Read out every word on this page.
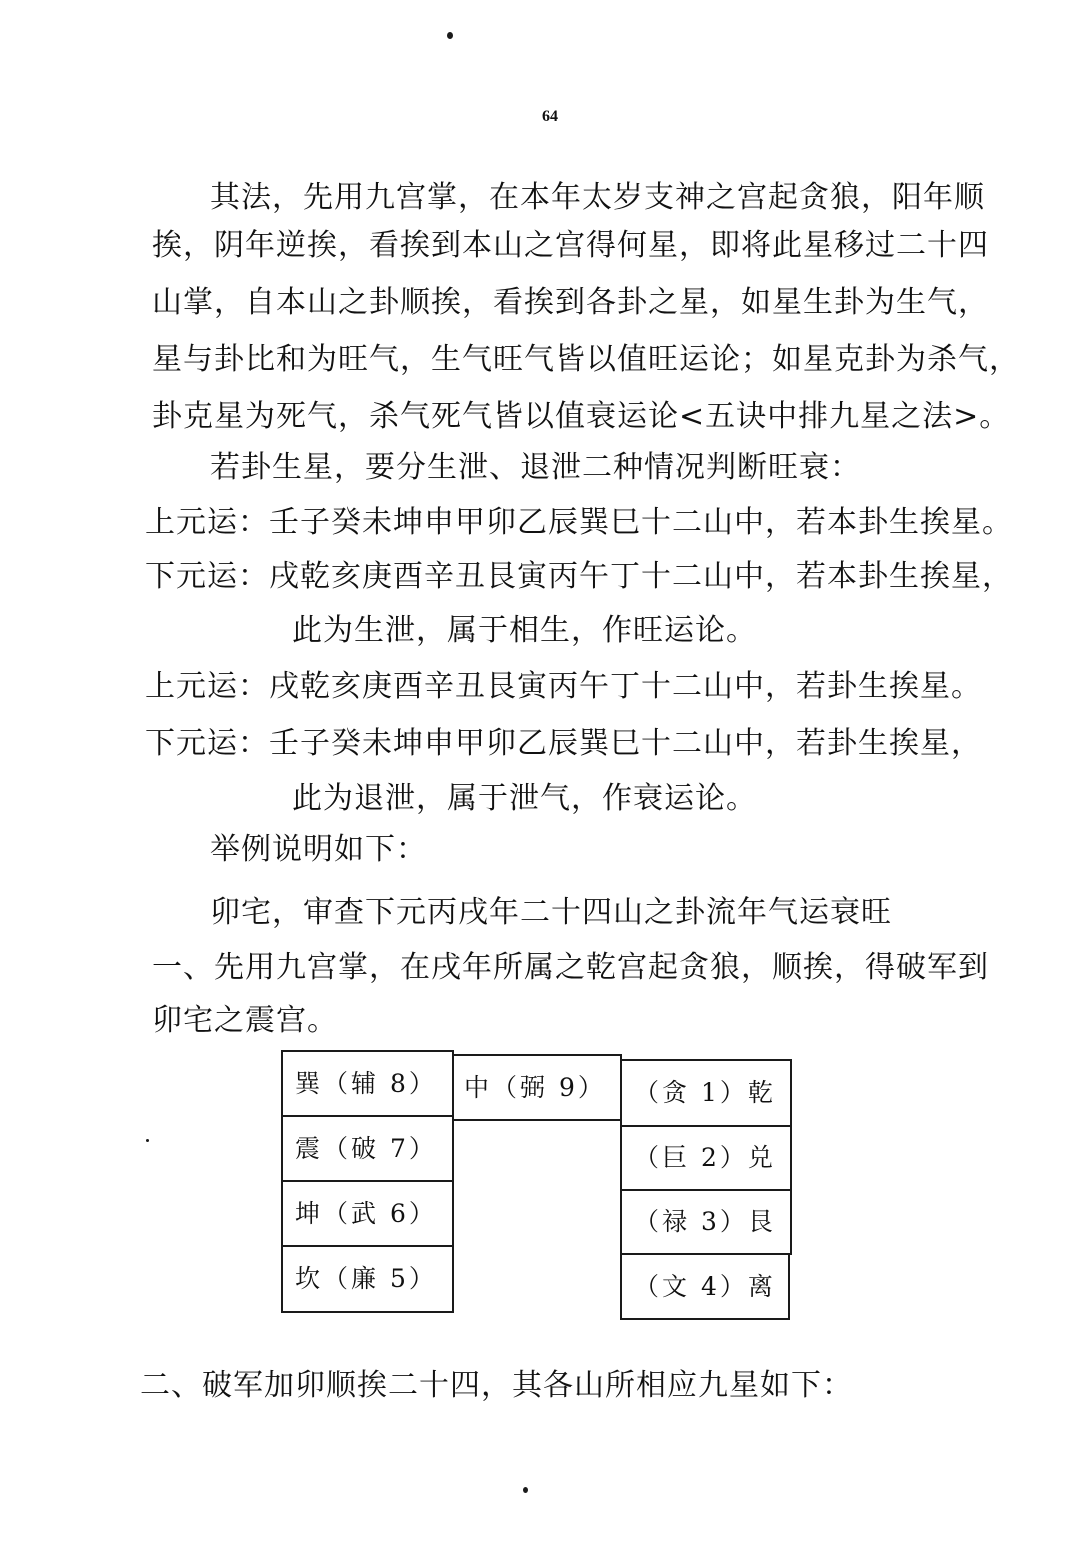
64
其法，先用九宫掌，在本年太岁支神之宫起贪狼，阳年顺
挨，阴年逆挨，看挨到本山之宫得何星，即将此星移过二十四
山掌，自本山之卦顺挨，看挨到各卦之星，如星生卦为生气，
星与卦比和为旺气，生气旺气皆以值旺运论；如星克卦为杀气，
卦克星为死气，杀气死气皆以值衰运论<五诀中排九星之法>。
若卦生星，要分生泄、退泄二种情况判断旺衰：
上元运：壬子癸未坤申甲卯乙辰巽巳十二山中，若本卦生挨星。
下元运：戌乾亥庚酉辛丑艮寅丙午丁十二山中，若本卦生挨星，
此为生泄，属于相生，作旺运论。
上元运：戌乾亥庚酉辛丑艮寅丙午丁十二山中，若卦生挨星。
下元运：壬子癸未坤申甲卯乙辰巽巳十二山中，若卦生挨星，
此为退泄，属于泄气，作衰运论。
举例说明如下：
卯宅，审查下元丙戌年二十四山之卦流年气运衰旺
一、先用九宫掌，在戌年所属之乾宫起贪狼，顺挨，得破军到
卯宅之震宫。
巽（辅 8）
震（破 7）
坤（武 6）
坎（廉 5）
中（弼 9）	（贪 1）乾
（巨 2）兑
（禄 3）艮
（文 4）离
二、破军加卯顺挨二十四，其各山所相应九星如下：
